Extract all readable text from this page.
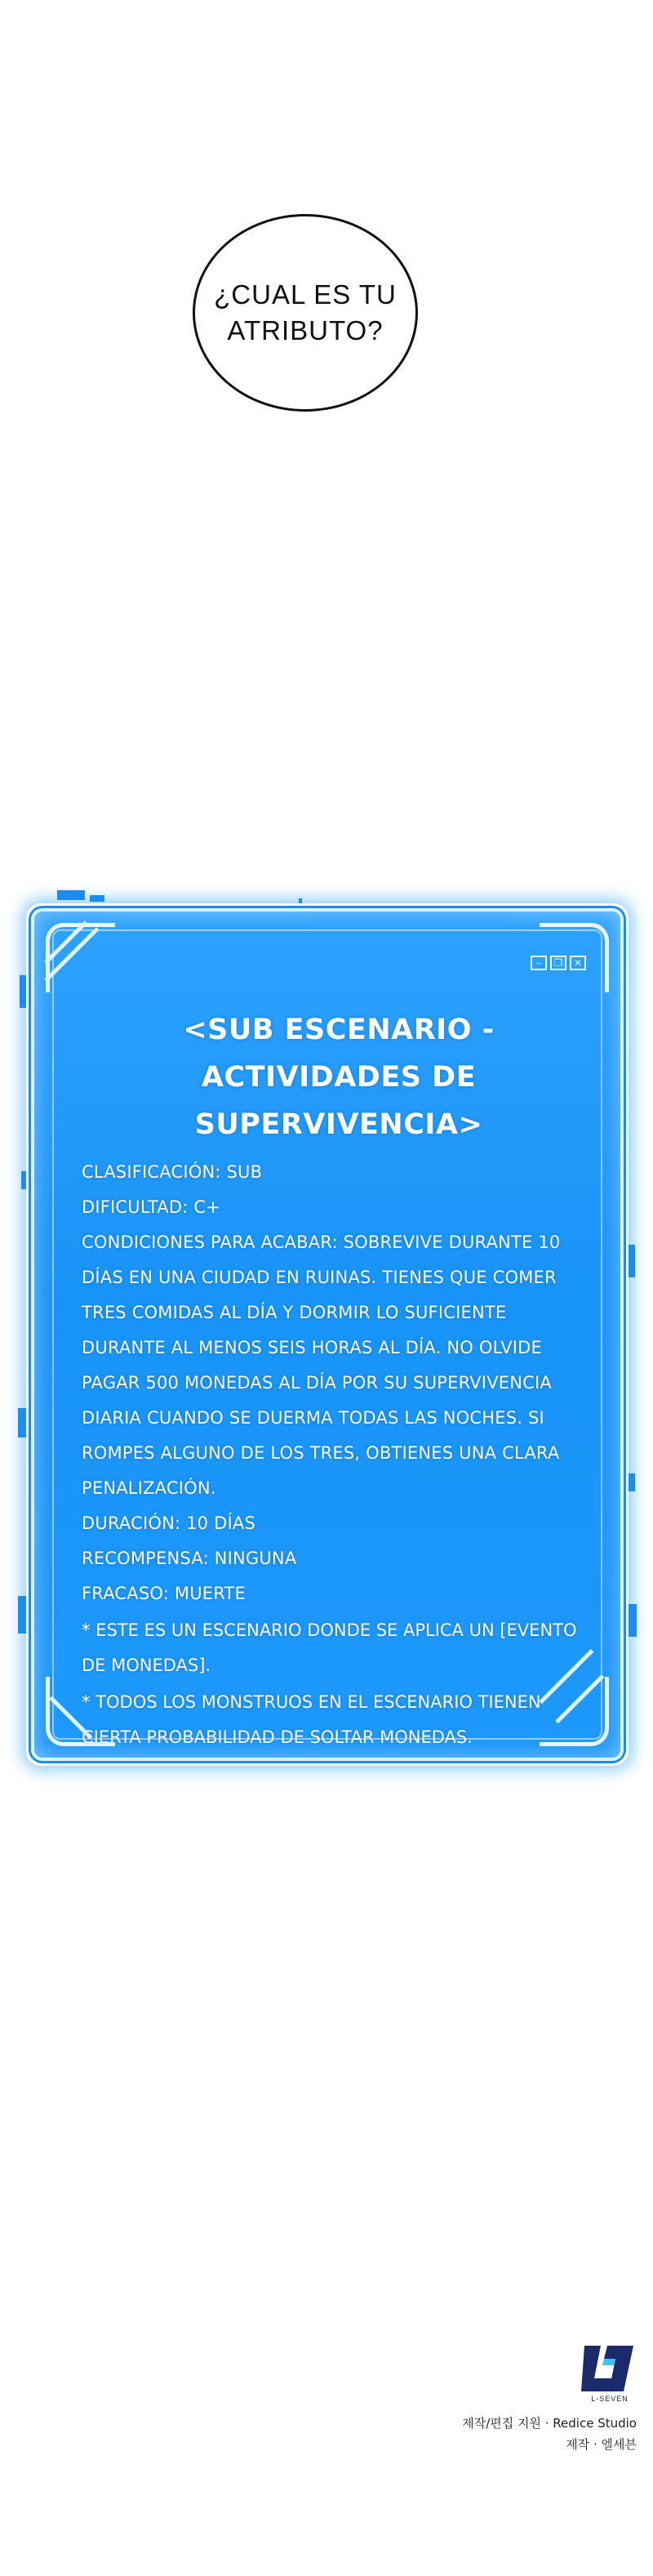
¿CUAL ES TU
ATRIBUTO?
–	❐	✕
<SUB ESCENARIO - ACTIVIDADES DE SUPERVIVENCIA>

CLASIFICACIÓN: SUB

DIFICULTAD: C+

CONDICIONES PARA ACABAR: SOBREVIVE DURANTE 10 DÍAS EN UNA CIUDAD EN RUINAS. TIENES QUE COMER TRES COMIDAS AL DÍA Y DORMIR LO SUFICIENTE DURANTE AL MENOS SEIS HORAS AL DÍA. NO OLVIDE PAGAR 500 MONEDAS AL DÍA POR SU SUPERVIVENCIA DIARIA CUANDO SE DUERMA TODAS LAS NOCHES. SI ROMPES ALGUNO DE LOS TRES, OBTIENES UNA CLARA PENALIZACIÓN.

DURACIÓN: 10 DÍAS

RECOMPENSA: NINGUNA

FRACASO: MUERTE

* ESTE ES UN ESCENARIO DONDE SE APLICA UN [EVENTO DE MONEDAS].

* TODOS LOS MONSTRUOS EN EL ESCENARIO TIENEN CIERTA PROBABILIDAD DE SOLTAR MONEDAS.

L-SEVEN
제작/편집 지원 · Redice Studio
제작 · 엘세븐
